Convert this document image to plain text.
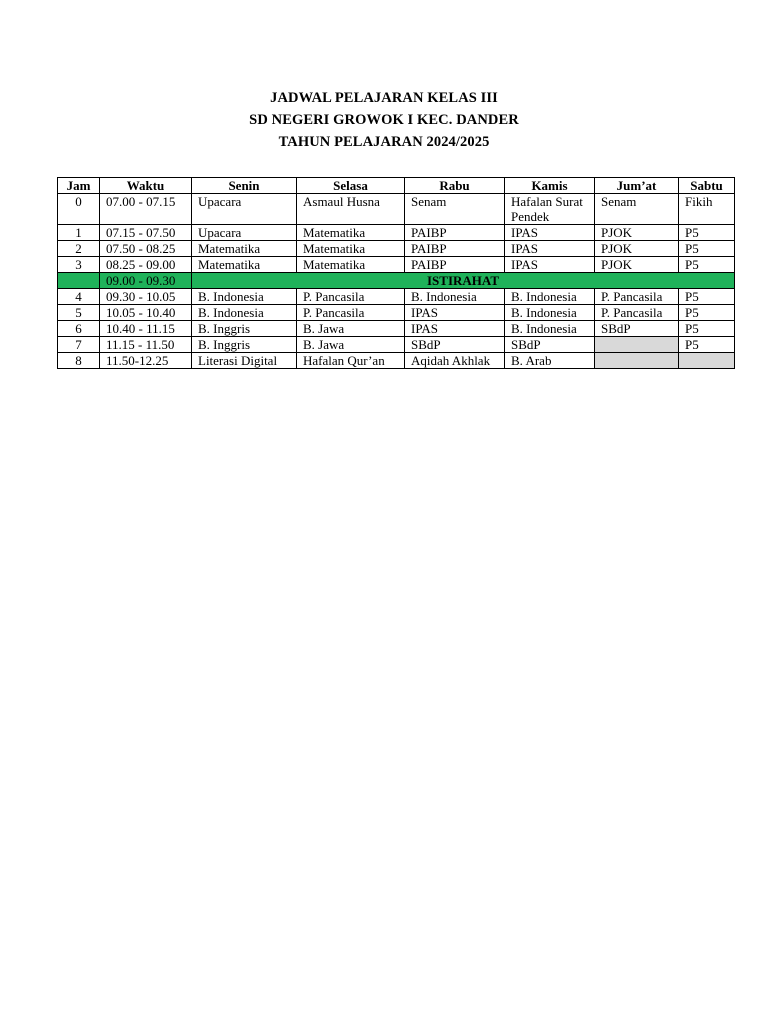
JADWAL PELAJARAN KELAS III
SD NEGERI GROWOK I KEC. DANDER
TAHUN PELAJARAN 2024/2025
Jam	Waktu	Senin	Selasa	Rabu	Kamis	Jum’at	Sabtu
0	07.00 - 07.15	Upacara	Asmaul Husna	Senam	Hafalan Surat Pendek	Senam	Fikih
1	07.15 - 07.50	Upacara	Matematika	PAIBP	IPAS	PJOK	P5
2	07.50 - 08.25	Matematika	Matematika	PAIBP	IPAS	PJOK	P5
3	08.25 - 09.00	Matematika	Matematika	PAIBP	IPAS	PJOK	P5
	09.00 - 09.30	ISTIRAHAT					
4	09.30 - 10.05	B. Indonesia	P. Pancasila	B. Indonesia	B. Indonesia	P. Pancasila	P5
5	10.05 - 10.40	B. Indonesia	P. Pancasila	IPAS	B. Indonesia	P. Pancasila	P5
6	10.40 - 11.15	B. Inggris	B. Jawa	IPAS	B. Indonesia	SBdP	P5
7	11.15 - 11.50	B. Inggris	B. Jawa	SBdP	SBdP		P5
8	11.50-12.25	Literasi Digital	Hafalan Qur’an	Aqidah Akhlak	B. Arab		
